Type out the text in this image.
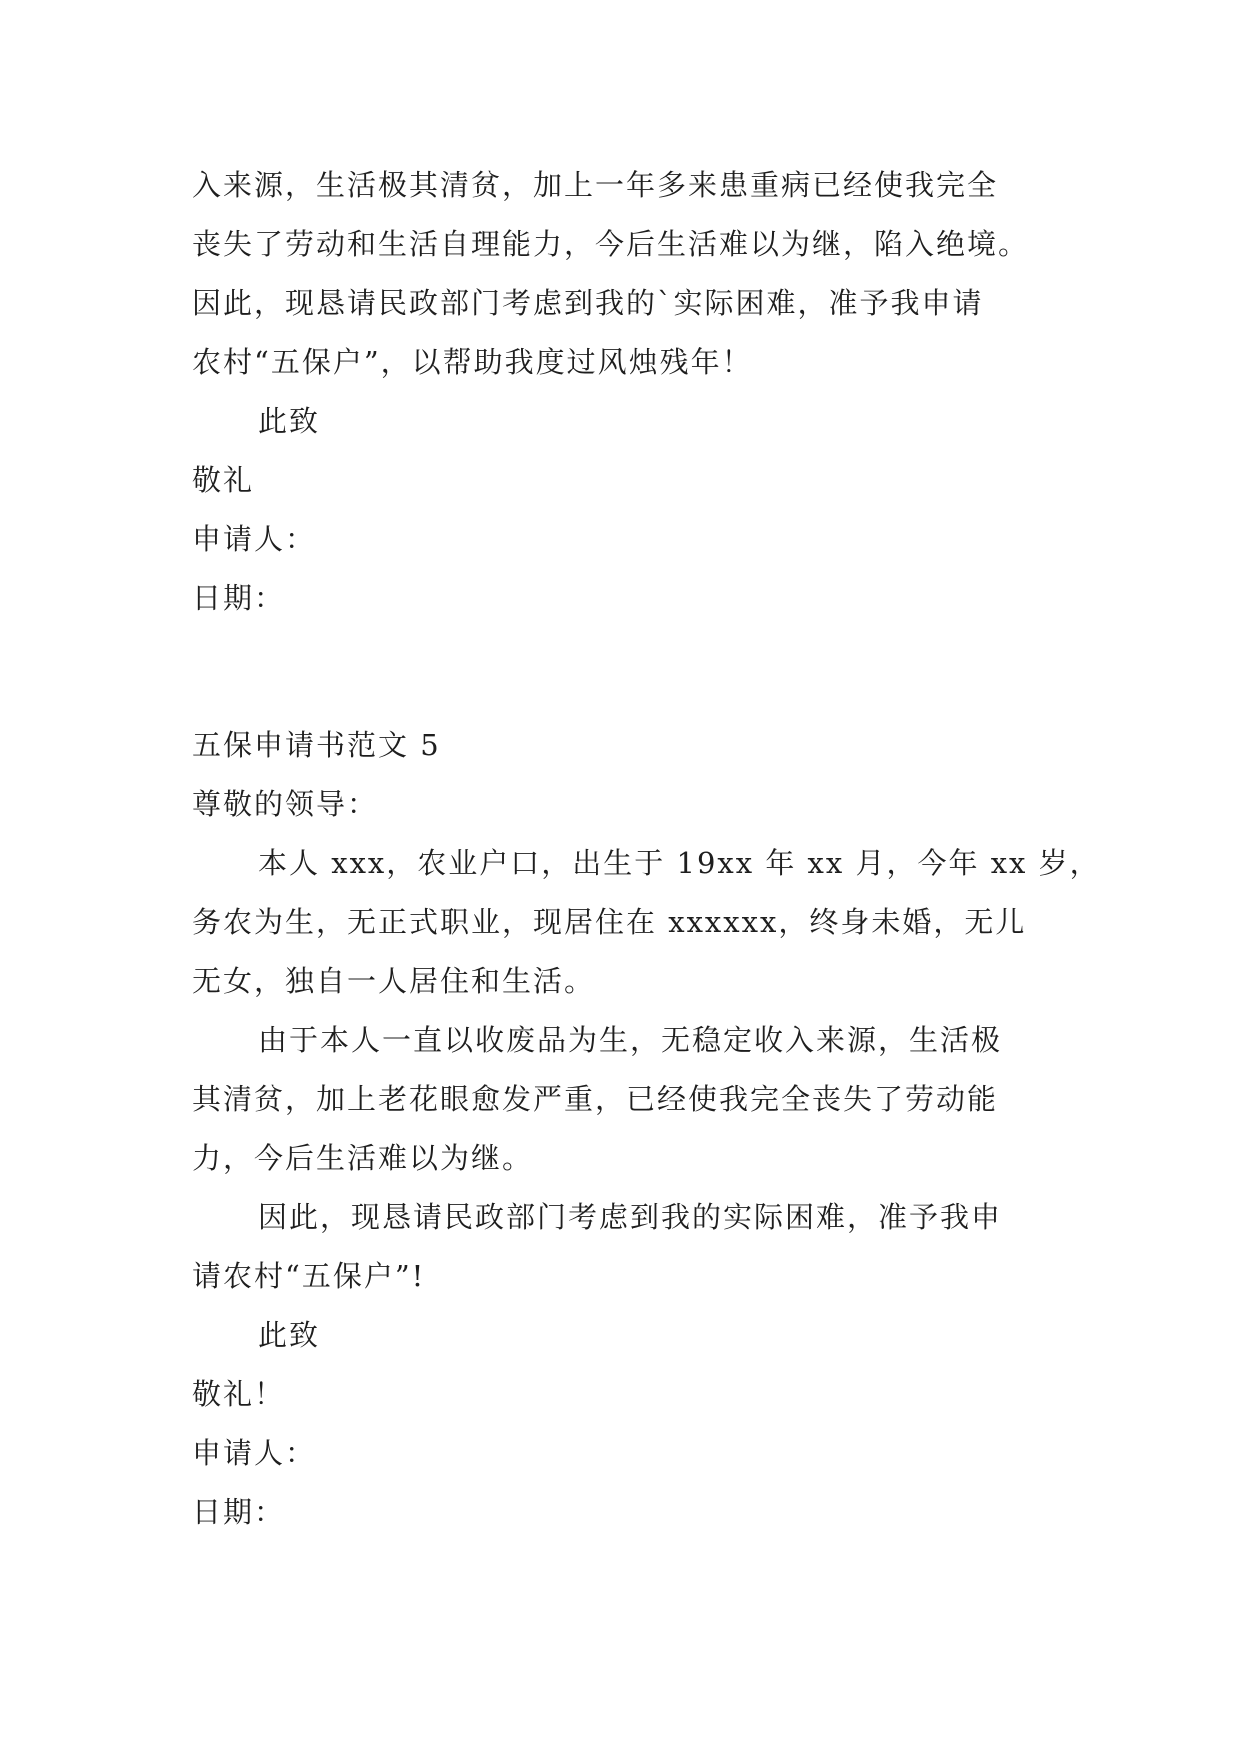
入来源，生活极其清贫，加上一年多来患重病已经使我完全

丧失了劳动和生活自理能力，今后生活难以为继，陷入绝境。

因此，现恳请民政部门考虑到我的`实际困难，准予我申请

农村“五保户”，以帮助我度过风烛残年！

此致

敬礼

申请人：

日期：

五保申请书范文 5

尊敬的领导：

本人 xxx，农业户口，出生于 19xx 年 xx 月，今年 xx 岁，

务农为生，无正式职业，现居住在 xxxxxx，终身未婚，无儿

无女，独自一人居住和生活。

由于本人一直以收废品为生，无稳定收入来源，生活极

其清贫，加上老花眼愈发严重，已经使我完全丧失了劳动能

力，今后生活难以为继。

因此，现恳请民政部门考虑到我的实际困难，准予我申

请农村“五保户”!

此致

敬礼！

申请人：

日期：
